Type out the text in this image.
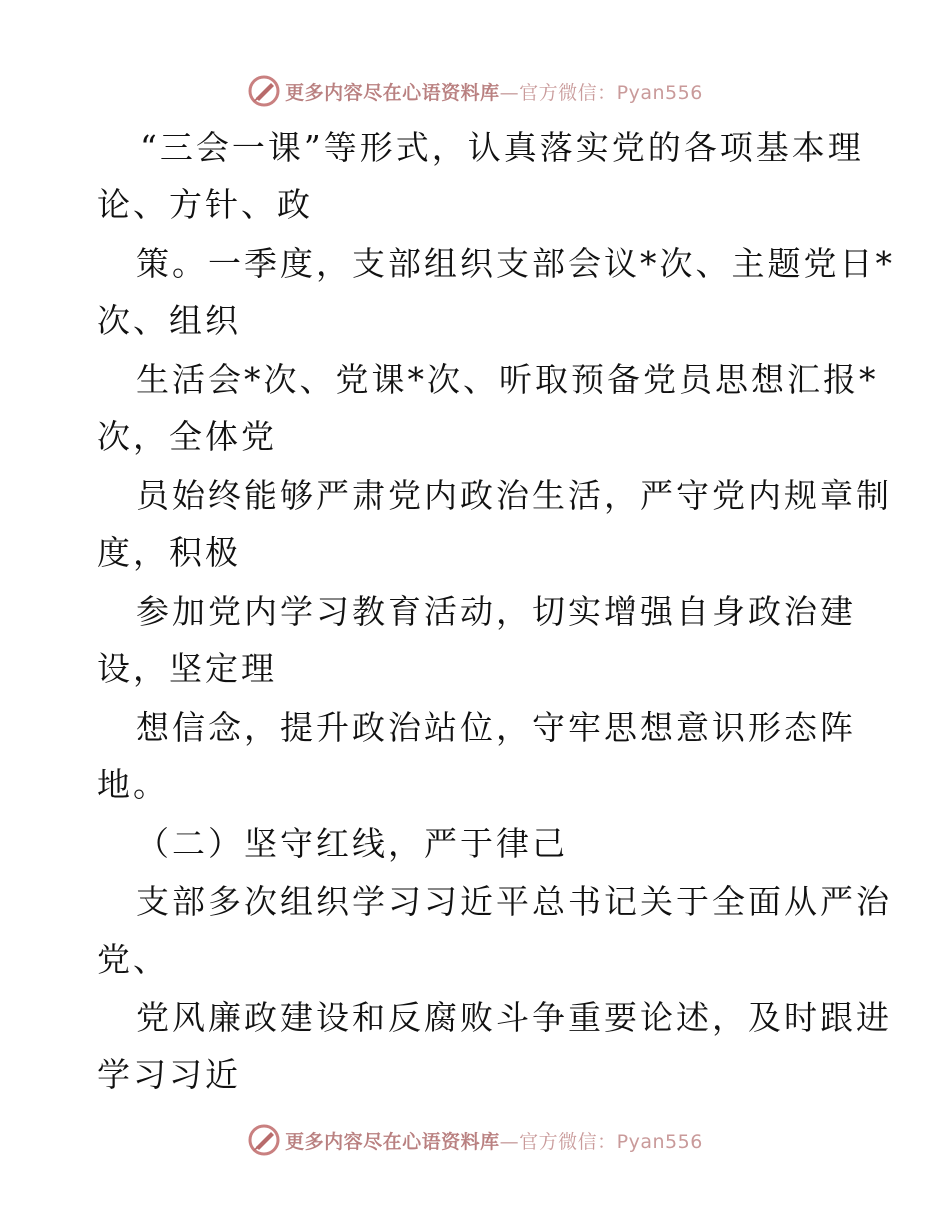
更多内容尽在心语资料库—官方微信：Pyan556
“三会一课”等形式，认真落实党的各项基本理
论、方针、政
策。一季度，支部组织支部会议*次、主题党日*
次、组织
生活会*次、党课*次、听取预备党员思想汇报*
次，全体党
员始终能够严肃党内政治生活，严守党内规章制
度，积极
参加党内学习教育活动，切实增强自身政治建
设，坚定理
想信念，提升政治站位，守牢思想意识形态阵
地。
（二）坚守红线，严于律己
支部多次组织学习习近平总书记关于全面从严治
党、
党风廉政建设和反腐败斗争重要论述，及时跟进
学习习近
更多内容尽在心语资料库—官方微信：Pyan556
